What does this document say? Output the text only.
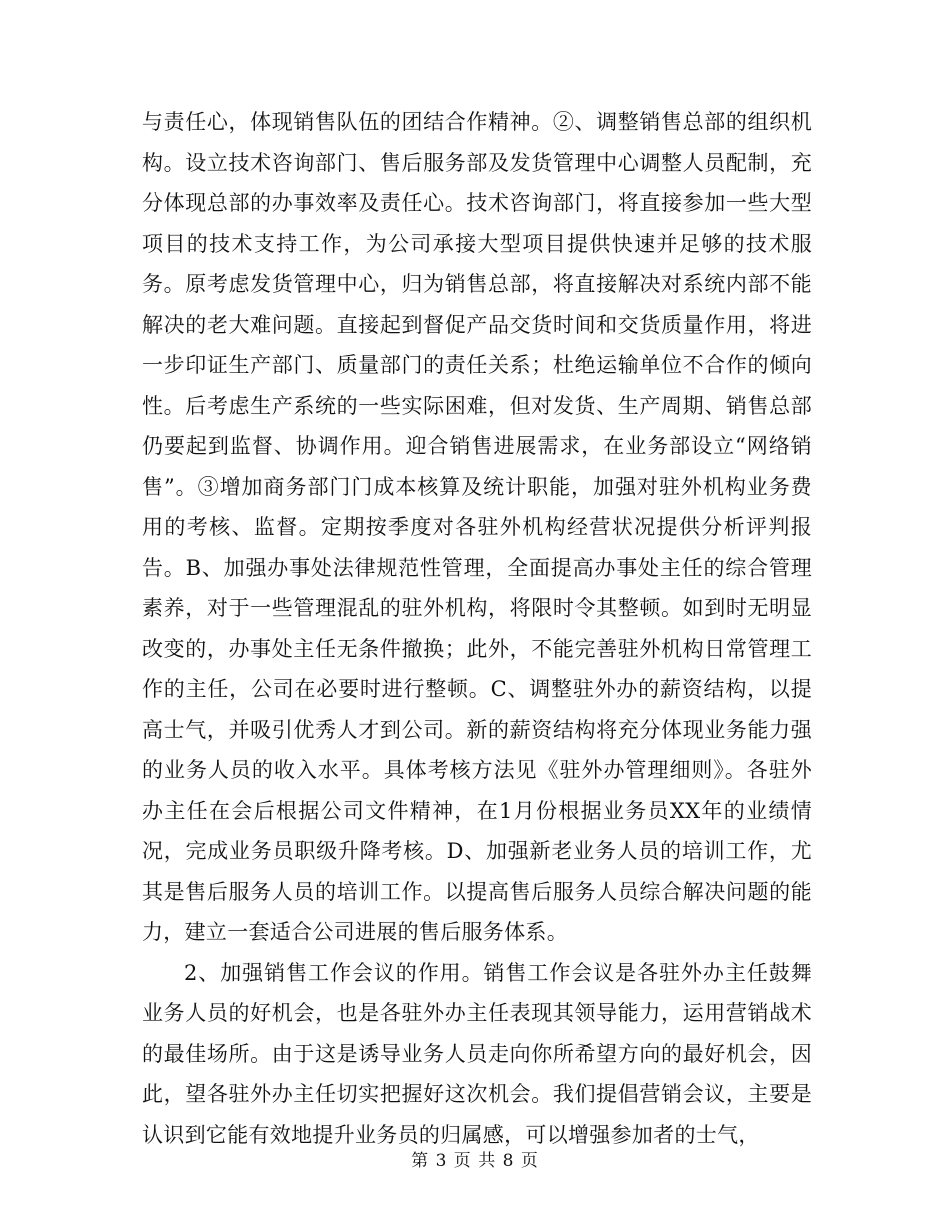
与责任心，体现销售队伍的团结合作精神。②、调整销售总部的组织机构。设立技术咨询部门、售后服务部及发货管理中心调整人员配制，充分体现总部的办事效率及责任心。技术咨询部门，将直接参加一些大型项目的技术支持工作，为公司承接大型项目提供快速并足够的技术服务。原考虑发货管理中心，归为销售总部，将直接解决对系统内部不能解决的老大难问题。直接起到督促产品交货时间和交货质量作用，将进一步印证生产部门、质量部门的责任关系；杜绝运输单位不合作的倾向性。后考虑生产系统的一些实际困难，但对发货、生产周期、销售总部仍要起到监督、协调作用。迎合销售进展需求，在业务部设立“网络销售”。③增加商务部门门成本核算及统计职能，加强对驻外机构业务费用的考核、监督。定期按季度对各驻外机构经营状况提供分析评判报告。B、加强办事处法律规范性管理，全面提高办事处主任的综合管理素养，对于一些管理混乱的驻外机构，将限时令其整顿。如到时无明显改变的，办事处主任无条件撤换；此外，不能完善驻外机构日常管理工作的主任，公司在必要时进行整顿。C、调整驻外办的薪资结构，以提高士气，并吸引优秀人才到公司。新的薪资结构将充分体现业务能力强的业务人员的收入水平。具体考核方法见《驻外办管理细则》。各驻外办主任在会后根据公司文件精神，在1月份根据业务员XX年的业绩情况，完成业务员职级升降考核。D、加强新老业务人员的培训工作，尤其是售后服务人员的培训工作。以提高售后服务人员综合解决问题的能力，建立一套适合公司进展的售后服务体系。

2、加强销售工作会议的作用。销售工作会议是各驻外办主任鼓舞业务人员的好机会，也是各驻外办主任表现其领导能力，运用营销战术的最佳场所。由于这是诱导业务人员走向你所希望方向的最好机会，因此，望各驻外办主任切实把握好这次机会。我们提倡营销会议，主要是认识到它能有效地提升业务员的归属感，可以增强参加者的士气，

第 3 页 共 8 页
